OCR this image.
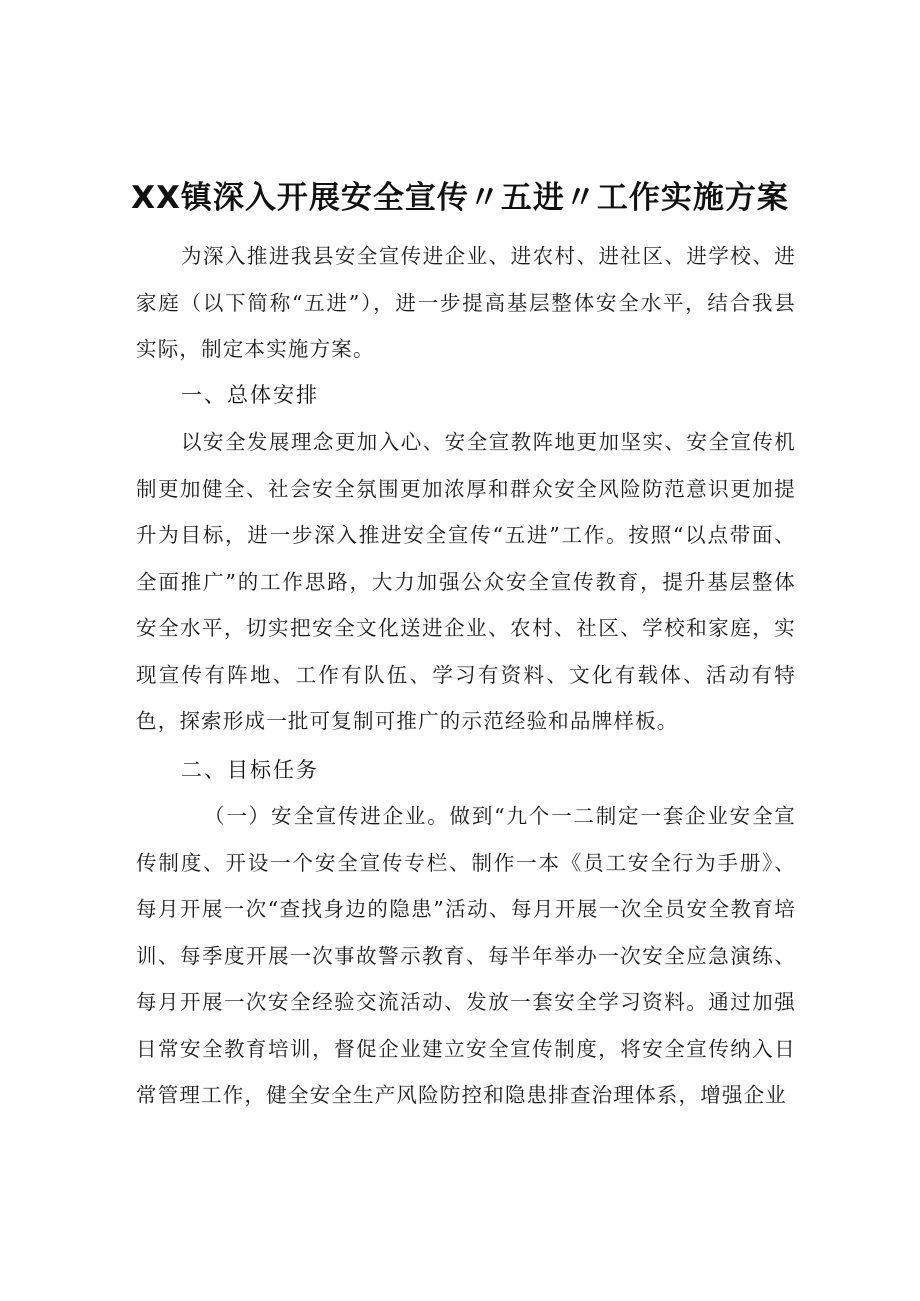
XX镇深入开展安全宣传〃五进〃工作实施方案

为深入推进我县安全宣传进企业、进农村、进社区、进学校、进家庭（以下简称“五进”），进一步提高基层整体安全水平，结合我县实际，制定本实施方案。

一、总体安排

以安全发展理念更加入心、安全宣教阵地更加坚实、安全宣传机制更加健全、社会安全氛围更加浓厚和群众安全风险防范意识更加提升为目标，进一步深入推进安全宣传“五进”工作。按照“以点带面、全面推广”的工作思路，大力加强公众安全宣传教育，提升基层整体安全水平，切实把安全文化送进企业、农村、社区、学校和家庭，实现宣传有阵地、工作有队伍、学习有资料、文化有载体、活动有特色，探索形成一批可复制可推广的示范经验和品牌样板。

二、目标任务

（一）安全宣传进企业。做到“九个一二制定一套企业安全宣传制度、开设一个安全宣传专栏、制作一本《员工安全行为手册》、每月开展一次“查找身边的隐患”活动、每月开展一次全员安全教育培训、每季度开展一次事故警示教育、每半年举办一次安全应急演练、每月开展一次安全经验交流活动、发放一套安全学习资料。通过加强日常安全教育培训，督促企业建立安全宣传制度，将安全宣传纳入日常管理工作，健全安全生产风险防控和隐患排查治理体系，增强企业
